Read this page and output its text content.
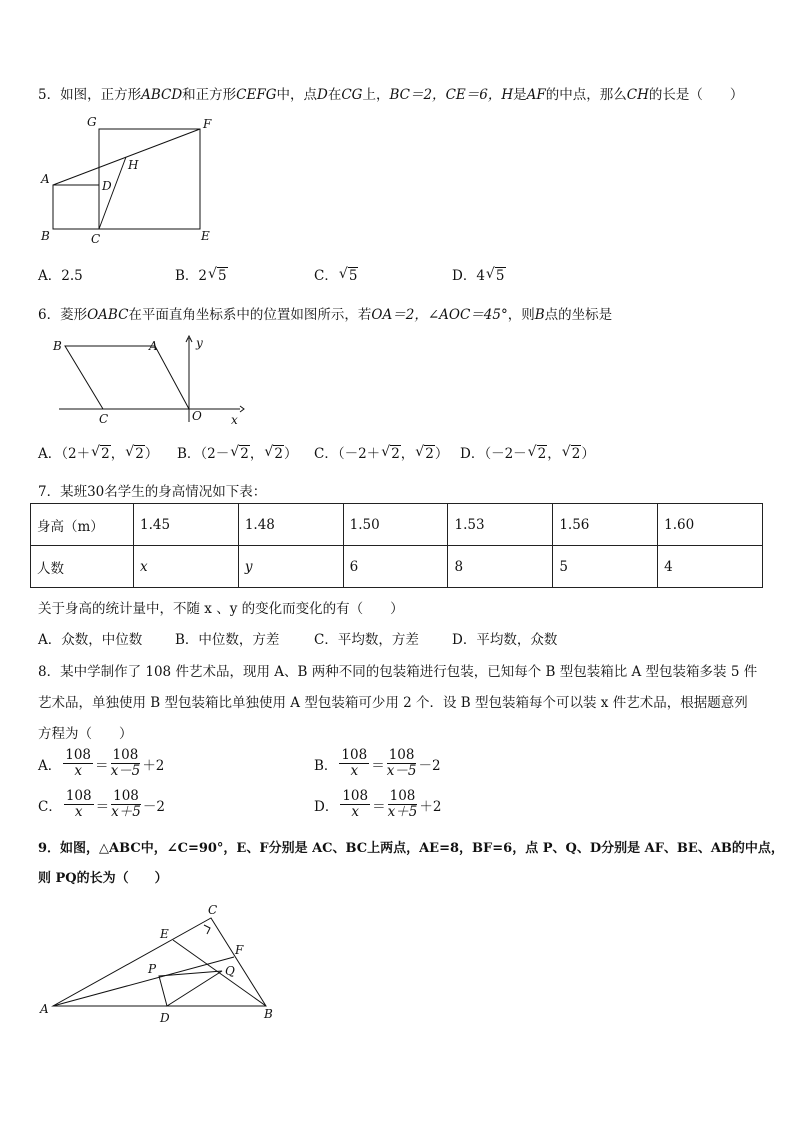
5．如图，正方形ABCD和正方形CEFG中，点D在CG上，BC＝2，CE＝6，H是AF的中点，那么CH的长是（　　）
G	F
H
A	D
B	C	E
A．2.5	B．2 √ 5	C． √ 5	D．4 √ 5
6．菱形OABC在平面直角坐标系中的位置如图所示，若OA＝2，∠AOC＝45°，则B点的坐标是
B	A	y
C	O x
A．（2＋ √ 2， √ 2） B．（2－ √ 2， √ 2） C．（－2＋ √ 2， √ 2） D．（－2－ √ 2， √ 2）
7．某班30名学生的身高情况如下表：
身高（m）	1.45	1.48	1.50	1.53	1.56	1.60
人数	x	y	6	8	5	4
关于身高的统计量中，不随 x 、y 的变化而变化的有（　　）
A．众数，中位数 B．中位数，方差	C．平均数，方差 D．平均数，众数
8．某中学制作了 108 件艺术品，现用 A、B 两种不同的包装箱进行包装，已知每个 B 型包装箱比 A 型包装箱多装 5 件
艺术品，单独使用 B 型包装箱比单独使用 A 型包装箱可少用 2 个．设 B 型包装箱每个可以装 x 件艺术品，根据题意列
方程为（　　）
A． $\frac{108}{x} = \frac{108}{x-5} +2$	B． $\frac{108}{x} = \frac{108}{x-5} -2$
C． $\frac{108}{x} = \frac{108}{x+5} -2$	D． $\frac{108}{x} = \frac{108}{x+5} +2$
9．如图，△ABC中，∠C=90°，E、F分别是 AC、BC上两点，AE=8，BF=6，点 P、Q、D分别是 AF、BE、AB的中点，
则 PQ的长为（　　）
C
E
F
P	Q
A
D	B
